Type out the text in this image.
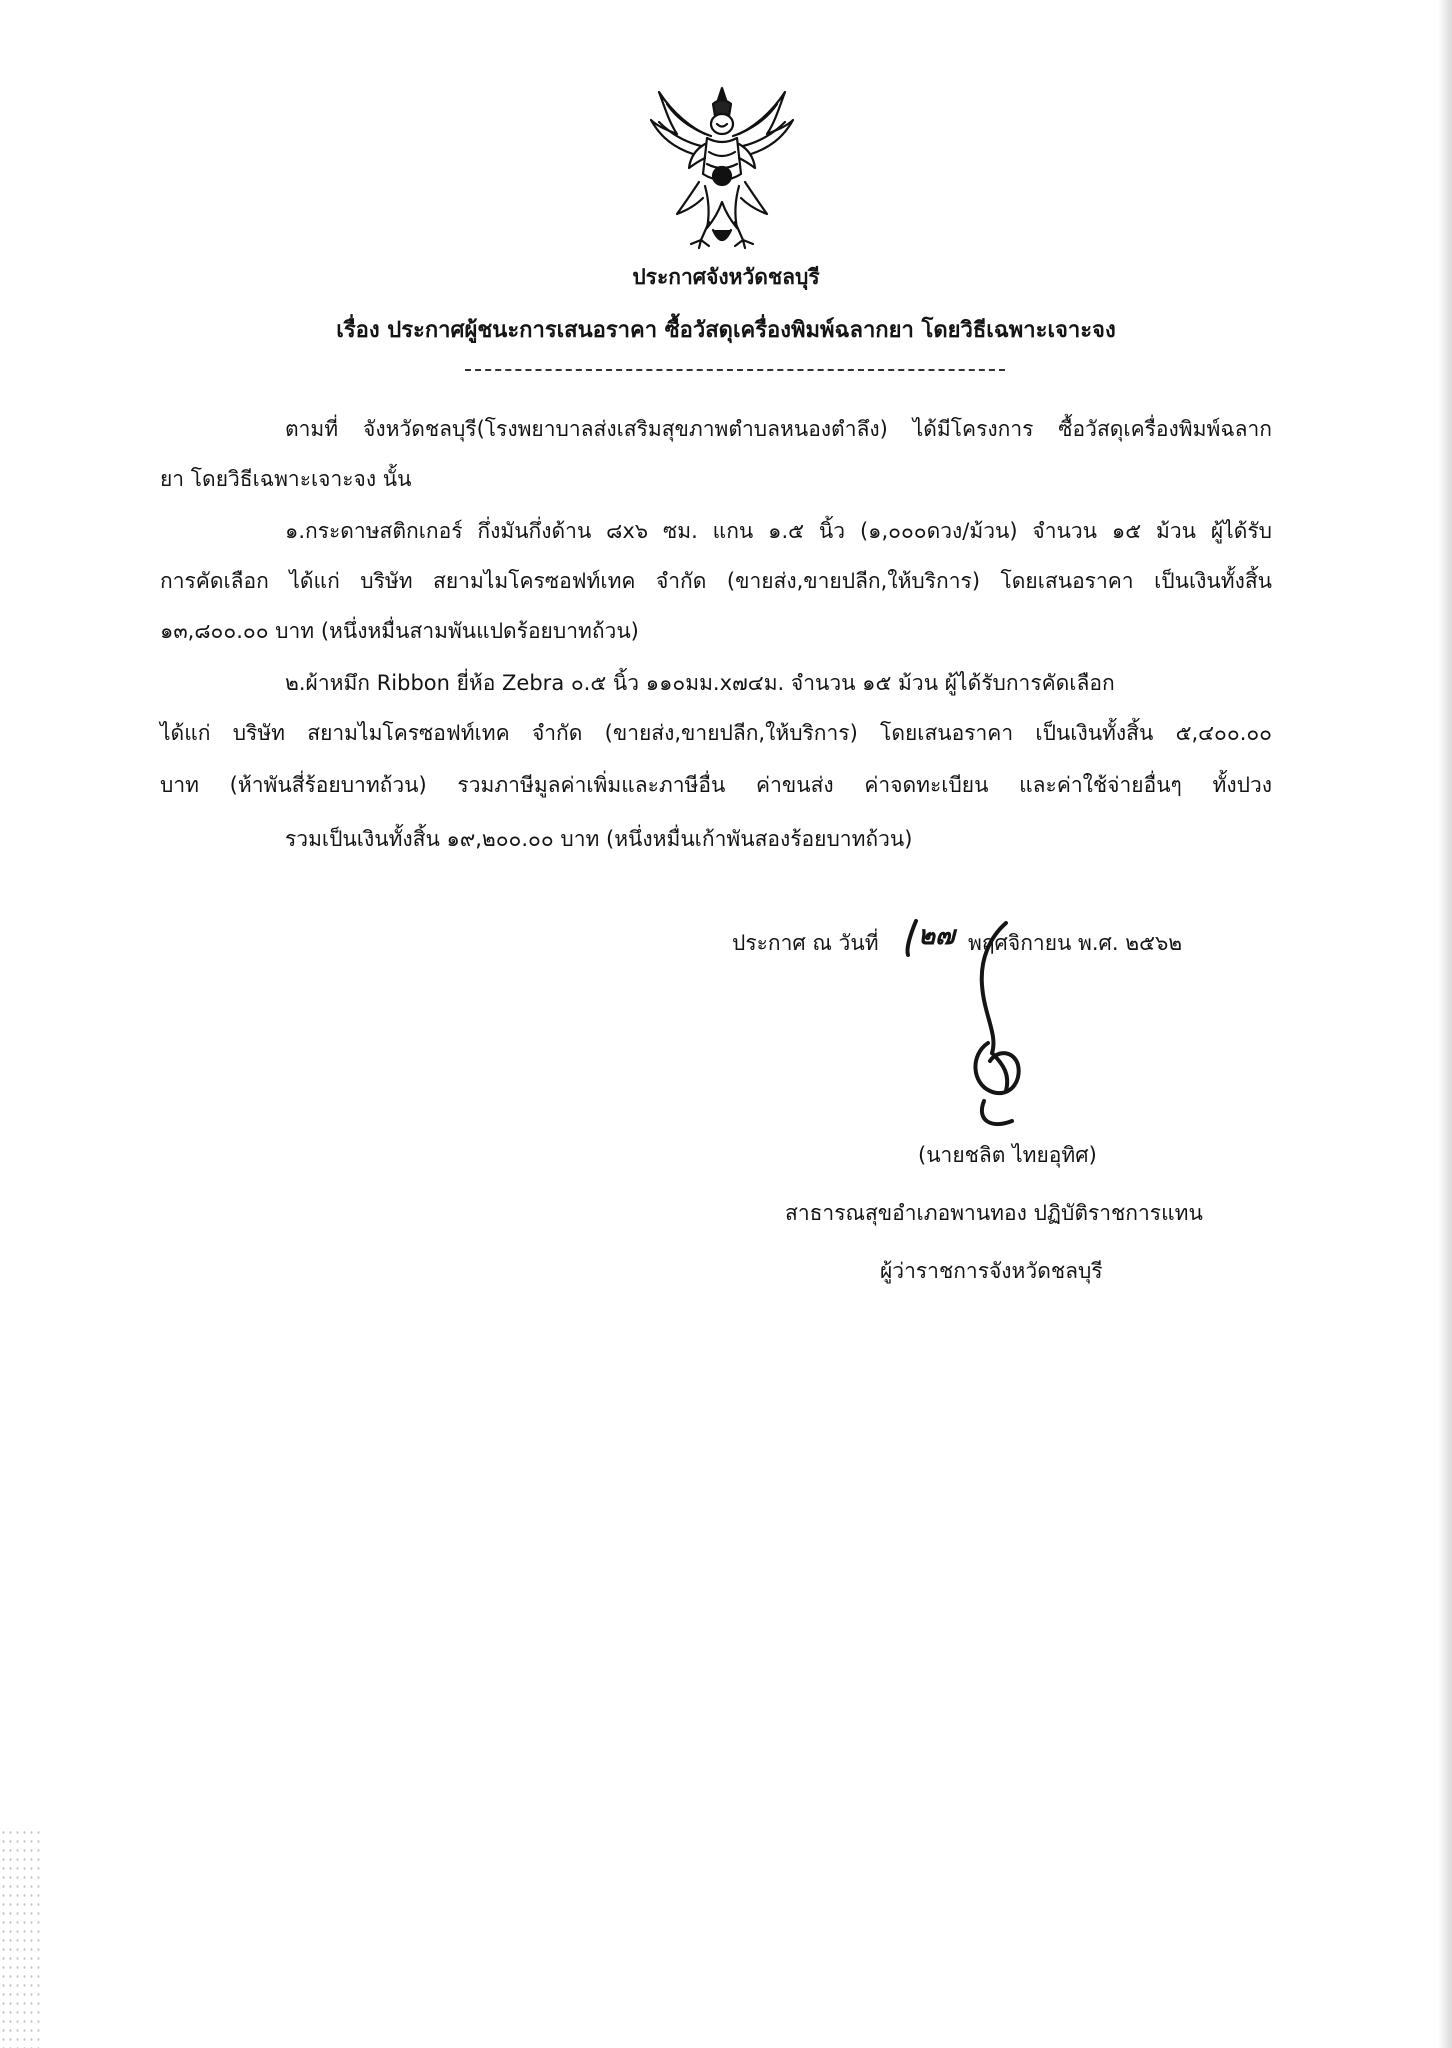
ประกาศจังหวัดชลบุรี
เรื่อง ประกาศผู้ชนะการเสนอราคา ซื้อวัสดุเครื่องพิมพ์ฉลากยา โดยวิธีเฉพาะเจาะจง
ตามที่ จังหวัดชลบุรี(โรงพยาบาลส่งเสริมสุขภาพตำบลหนองตำลึง) ได้มีโครงการ ซื้อวัสดุเครื่องพิมพ์ฉลาก
ยา โดยวิธีเฉพาะเจาะจง นั้น
๑.กระดาษสติกเกอร์ กึ่งมันกึ่งด้าน ๘x๖ ซม. แกน ๑.๕ นิ้ว (๑,๐๐๐ดวง/ม้วน) จำนวน ๑๕ ม้วน ผู้ได้รับ
การคัดเลือก ได้แก่ บริษัท สยามไมโครซอฟท์เทค จำกัด (ขายส่ง,ขายปลีก,ให้บริการ) โดยเสนอราคา เป็นเงินทั้งสิ้น
๑๓,๘๐๐.๐๐ บาท (หนึ่งหมื่นสามพันแปดร้อยบาทถ้วน)
๒.ผ้าหมึก Ribbon ยี่ห้อ Zebra ๐.๕ นิ้ว ๑๑๐มม.x๗๔ม. จำนวน ๑๕ ม้วน ผู้ได้รับการคัดเลือก
ได้แก่ บริษัท สยามไมโครซอฟท์เทค จำกัด (ขายส่ง,ขายปลีก,ให้บริการ) โดยเสนอราคา เป็นเงินทั้งสิ้น ๕,๔๐๐.๐๐
บาท (ห้าพันสี่ร้อยบาทถ้วน) รวมภาษีมูลค่าเพิ่มและภาษีอื่น ค่าขนส่ง ค่าจดทะเบียน และค่าใช้จ่ายอื่นๆ ทั้งปวง
รวมเป็นเงินทั้งสิ้น ๑๙,๒๐๐.๐๐ บาท (หนึ่งหมื่นเก้าพันสองร้อยบาทถ้วน)
ประกาศ ณ วันที่ ๒๗ พฤศจิกายน พ.ศ. ๒๕๖๒
(นายชลิต ไทยอุทิศ)
สาธารณสุขอำเภอพานทอง ปฏิบัติราชการแทน
ผู้ว่าราชการจังหวัดชลบุรี
